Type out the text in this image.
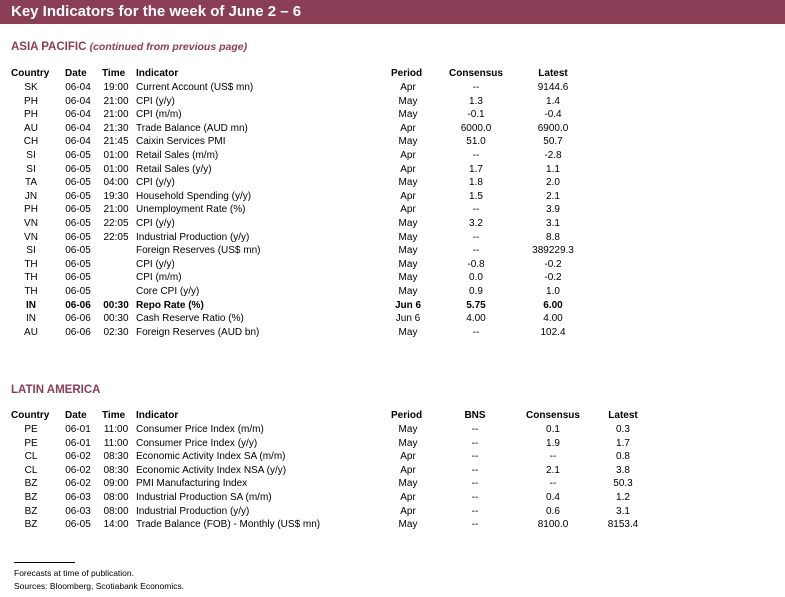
Key Indicators for the week of June 2 – 6
ASIA PACIFIC (continued from previous page)
Country Date Time Indicator	Period	Consensus	Latest
SK	06-04 19:00 Current Account (US$ mn)	Apr	--	9144.6
PH	06-04 21:00 CPI (y/y)	May	1.3	1.4
PH	06-04 21:00 CPI (m/m)	May	-0.1	-0.4
AU	06-04 21:30 Trade Balance (AUD mn)	Apr	6000.0	6900.0
CH	06-04 21:45 Caixin Services PMI	May	51.0	50.7
SI	06-05 01:00 Retail Sales (m/m)	Apr	--	-2.8
SI	06-05 01:00 Retail Sales (y/y)	Apr	1.7	1.1
TA	06-05 04:00 CPI (y/y)	May	1.8	2.0
JN	06-05 19:30 Household Spending (y/y)	Apr	1.5	2.1
PH	06-05 21:00 Unemployment Rate (%)	Apr	--	3.9
VN	06-05 22:05 CPI (y/y)	May	3.2	3.1
VN	06-05 22:05 Industrial Production (y/y)	May	--	8.8
SI	06-05	Foreign Reserves (US$ mn)	May	--	389229.3
TH	06-05	CPI (y/y)	May	-0.8	-0.2
TH	06-05	CPI (m/m)	May	0.0	-0.2
TH	06-05	Core CPI (y/y)	May	0.9	1.0
IN	06-06 00:30 Repo Rate (%)	Jun 6	5.75	6.00
IN	06-06 00:30 Cash Reserve Ratio (%)	Jun 6	4.00	4.00
AU	06-06 02:30 Foreign Reserves (AUD bn)	May	--	102.4
LATIN AMERICA
Country Date Time Indicator	Period	BNS	Consensus	Latest
PE	06-01 11:00 Consumer Price Index (m/m)	May	--	0.1	0.3
PE	06-01 11:00 Consumer Price Index (y/y)	May	--	1.9	1.7
CL	06-02 08:30 Economic Activity Index SA (m/m)	Apr	--	--	0.8
CL	06-02 08:30 Economic Activity Index NSA (y/y)	Apr	--	2.1	3.8
BZ	06-02 09:00 PMI Manufacturing Index	May	--	--	50.3
BZ	06-03 08:00 Industrial Production SA (m/m)	Apr	--	0.4	1.2
BZ	06-03 08:00 Industrial Production (y/y)	Apr	--	0.6	3.1
BZ	06-05 14:00 Trade Balance (FOB) - Monthly (US$ mn)	May	--	8100.0	8153.4
Forecasts at time of publication.
Sources: Bloomberg, Scotiabank Economics.
